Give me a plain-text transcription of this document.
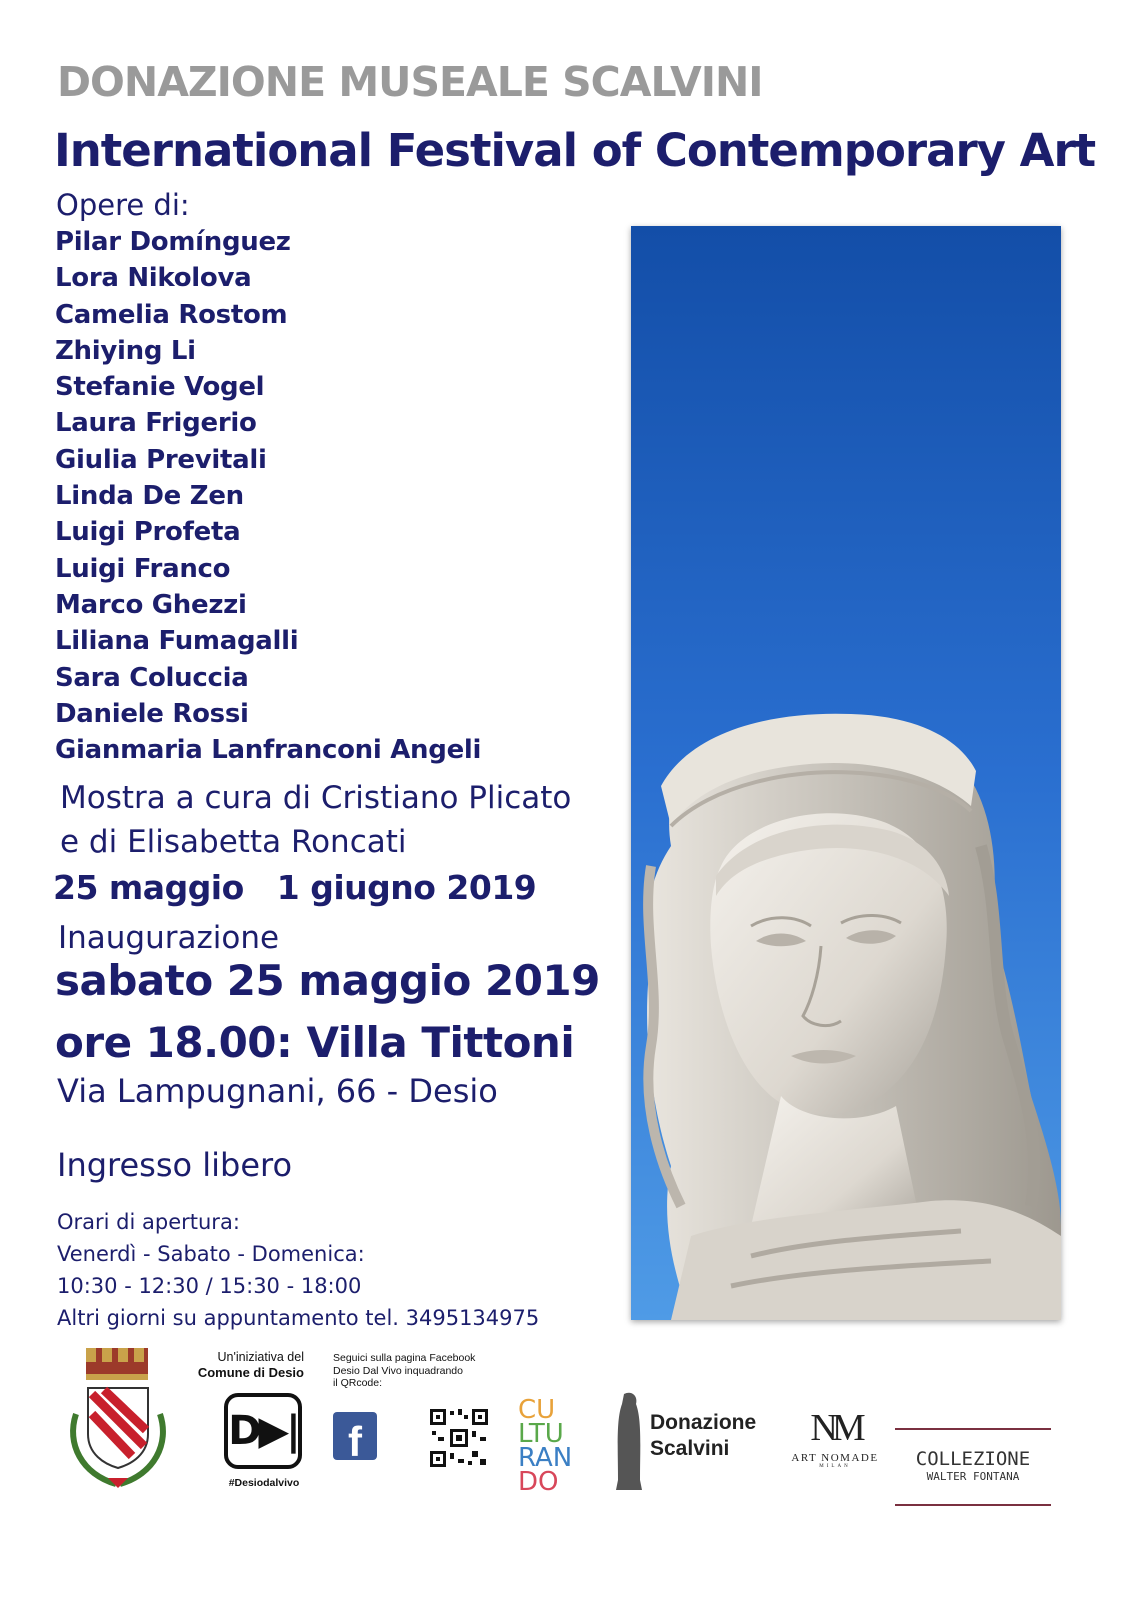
DONAZIONE MUSEALE SCALVINI
International Festival of Contemporary Art
Opere di:
Pilar Domínguez
Lora Nikolova
Camelia Rostom
Zhiying Li
Stefanie Vogel
Laura Frigerio
Giulia Previtali
Linda De Zen
Luigi Profeta
Luigi Franco
Marco Ghezzi
Liliana Fumagalli
Sara Coluccia
Daniele Rossi
Gianmaria Lanfranconi Angeli
Mostra a cura di Cristiano Plicato
e di Elisabetta Roncati
25 maggio   1 giugno 2019
Inaugurazione
sabato 25 maggio 2019
ore 18.00: Villa Tittoni
Via Lampugnani, 66 - Desio
Ingresso libero
Orari di apertura:
Venerdì - Sabato - Domenica:
10:30 - 12:30 / 15:30 - 18:00
Altri giorni su appuntamento tel. 3495134975
Un'iniziativa del
Comune di Desio
D▶|
#Desiodalvivo
Seguici sulla pagina Facebook
Desio Dal Vivo inquadrando
il QRcode:
f
CU
LTU
RAN
DO
Donazione
Scalvini	NM
ART NOMADE
MILAN	COLLEZIONE
WALTER FONTANA
